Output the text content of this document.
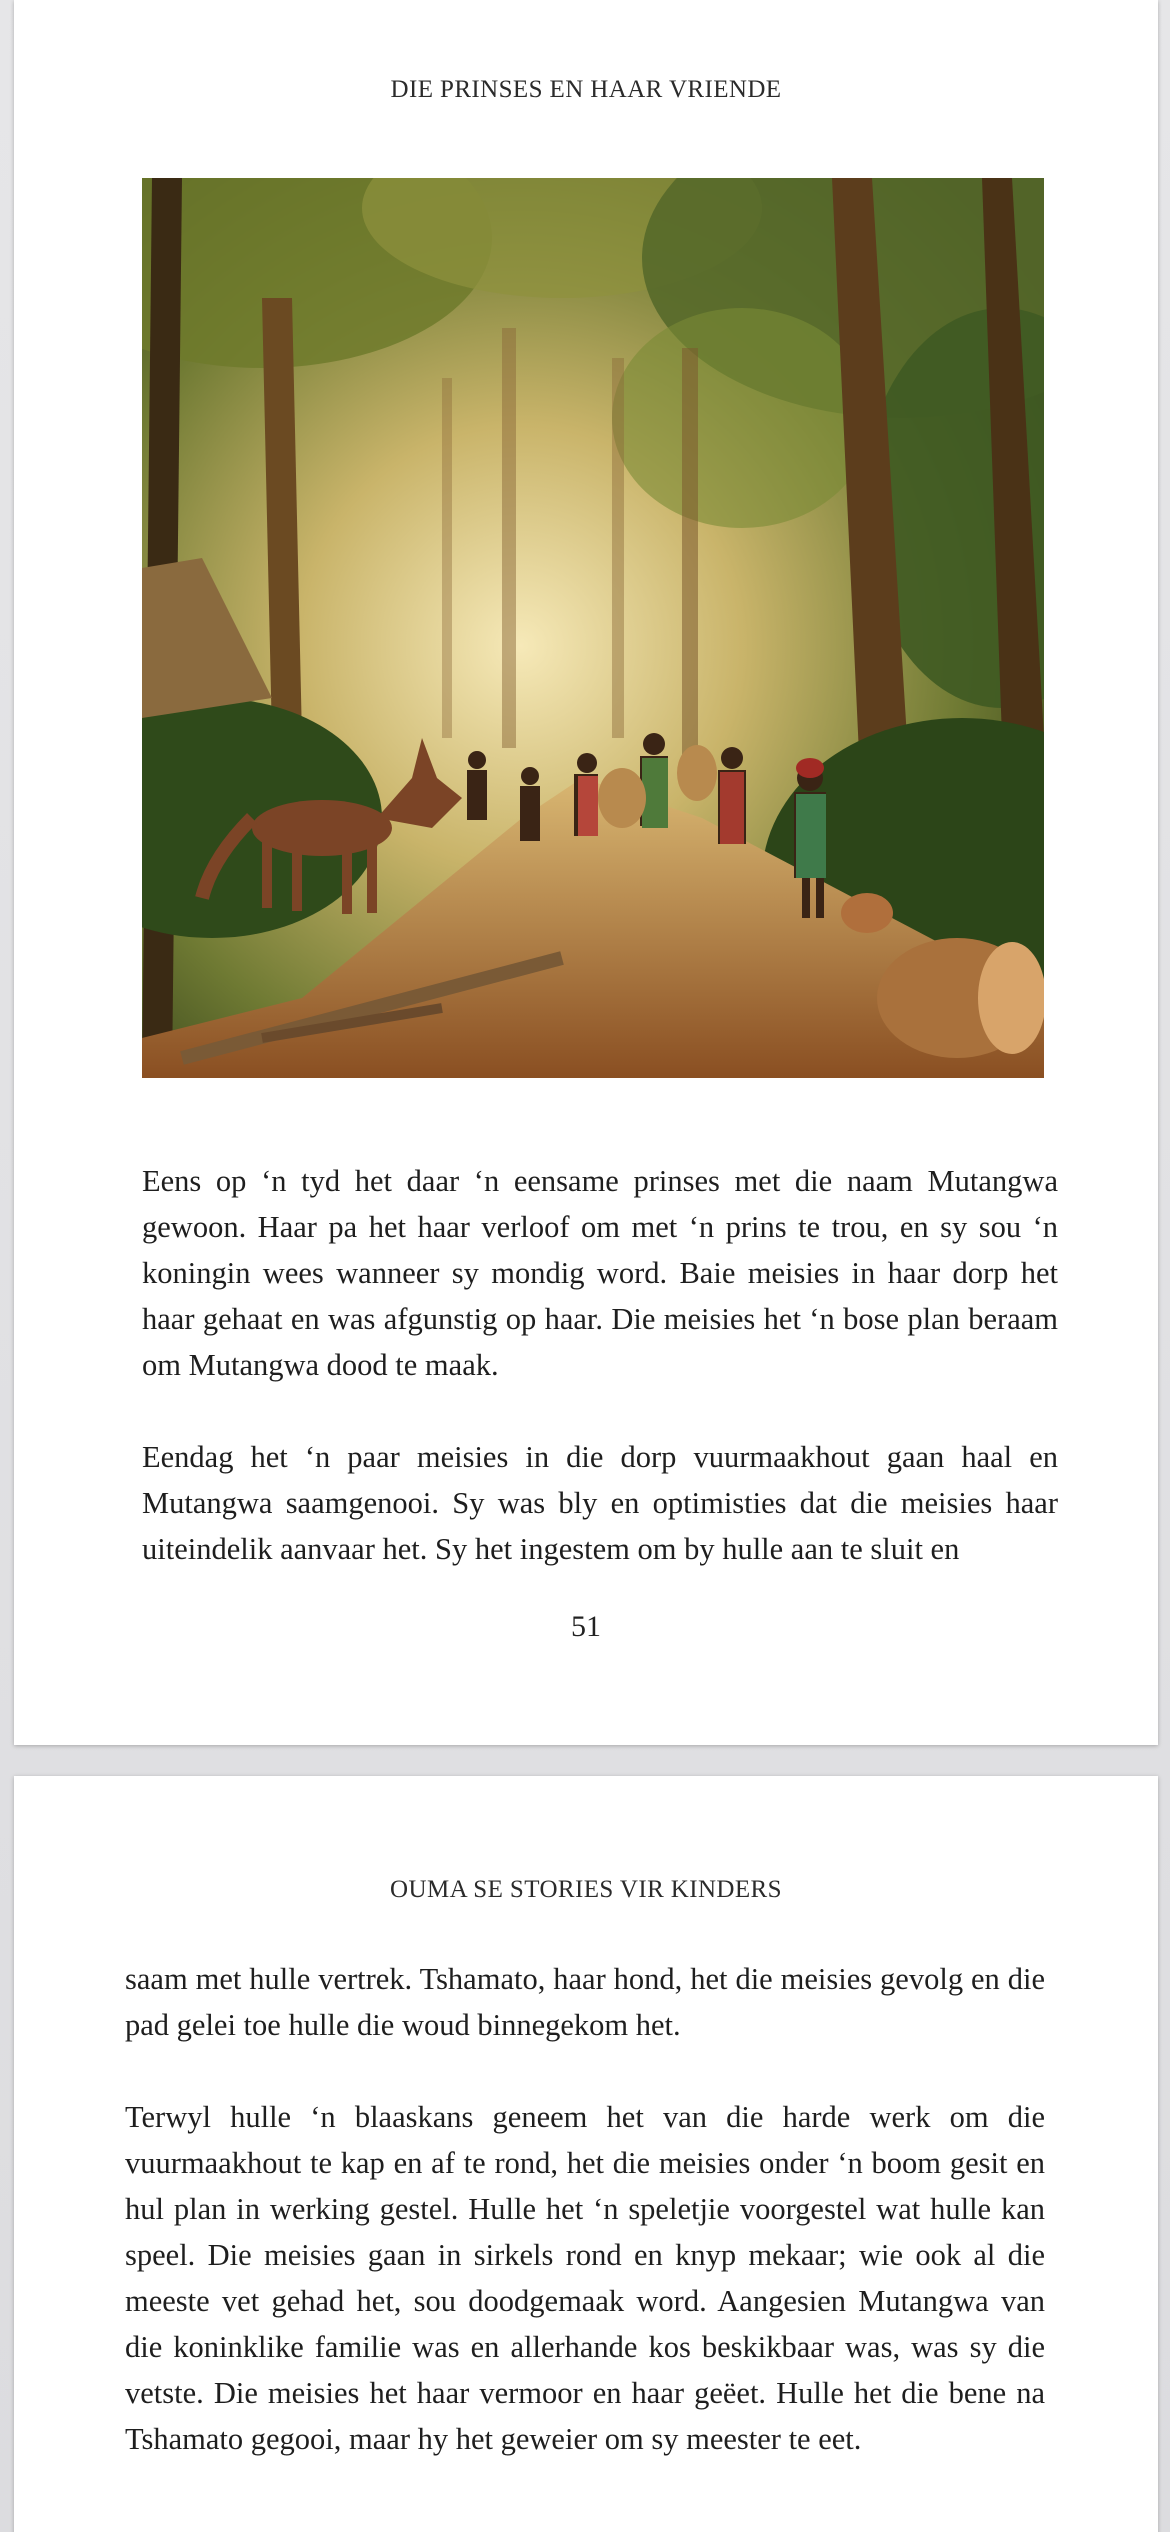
DIE PRINSES EN HAAR VRIENDE

Eens op ‘n tyd het daar ‘n eensame prinses met die naam Mutangwa gewoon. Haar pa het haar verloof om met ‘n prins te trou, en sy sou ‘n koningin wees wanneer sy mondig word. Baie meisies in haar dorp het haar gehaat en was afgunstig op haar. Die meisies het ‘n bose plan beraam om Mutangwa dood te maak.

Eendag het ‘n paar meisies in die dorp vuurmaakhout gaan haal en Mutangwa saamgenooi. Sy was bly en optimisties dat die meisies haar uiteindelik aanvaar het. Sy het ingestem om by hulle aan te sluit en

51
OUMA SE STORIES VIR KINDERS

saam met hulle vertrek. Tshamato, haar hond, het die meisies gevolg en die pad gelei toe hulle die woud binnegekom het.

Terwyl hulle ‘n blaaskans geneem het van die harde werk om die vuurmaakhout te kap en af te rond, het die meisies onder ‘n boom gesit en hul plan in werking gestel. Hulle het ‘n speletjie voorgestel wat hulle kan speel. Die meisies gaan in sirkels rond en knyp mekaar; wie ook al die meeste vet gehad het, sou doodgemaak word. Aangesien Mutangwa van die koninklike familie was en allerhande kos beskikbaar was, was sy die vetste. Die meisies het haar vermoor en haar geëet. Hulle het die bene na Tshamato gegooi, maar hy het geweier om sy meester te eet.
